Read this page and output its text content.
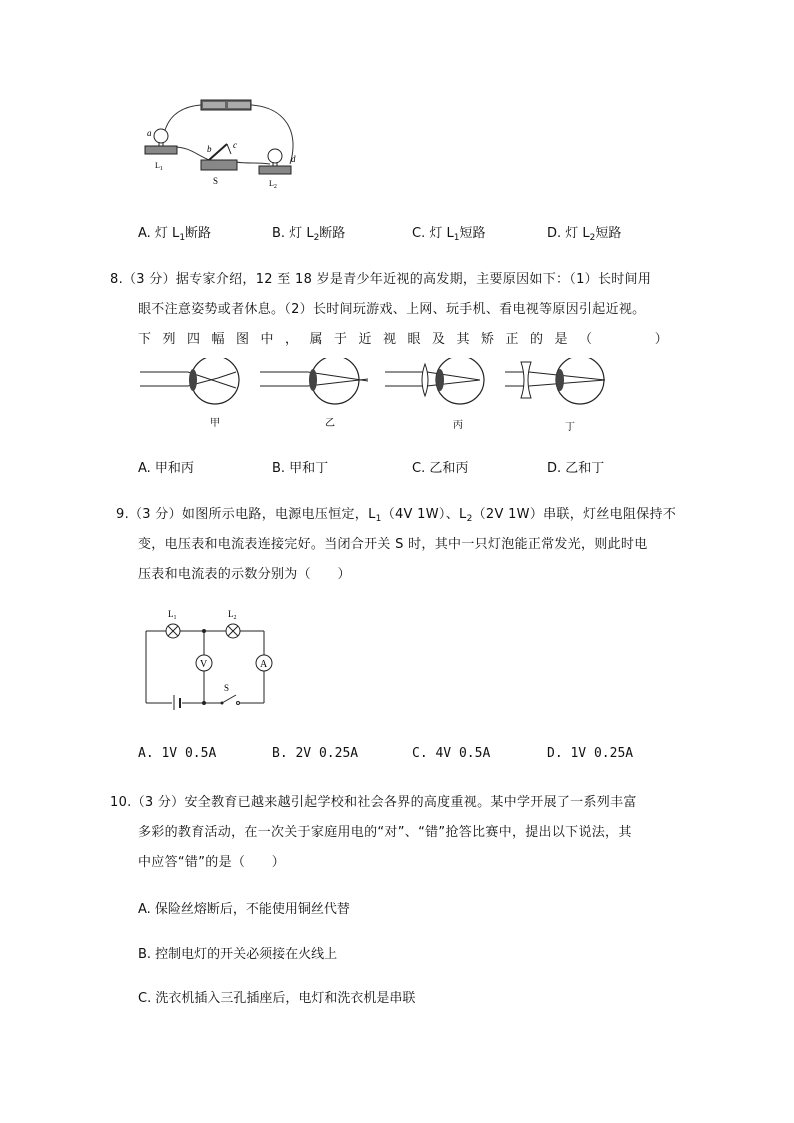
a
b c
d
$L_1$
S	$L_2$
A. 灯 $L_1$断路	B. 灯 $L_2$断路	C. 灯 $L_1$短路	D. 灯 $L_2$短路
8.（3 分）据专家介绍，12 至 18 岁是青少年近视的高发期，主要原因如下：（1）长时间用
眼不注意姿势或者休息。（2）长时间玩游戏、上网、玩手机、看电视等原因引起近视。
下 列 四 幅 图 中 ， 属 于 近 视 眼 及 其 矫 正 的 是 （	）
甲	乙	丙	丁
A. 甲和丙	B. 甲和丁	C. 乙和丙	D. 乙和丁
9.（3 分）如图所示电路，电源电压恒定，$L_1(4V$ 1W）、$L_2(2V$ 1W）串联，灯丝电阻保持不
变，电压表和电流表连接完好。当闭合开关 S 时，其中一只灯泡能正常发光，则此时电
压表和电流表的示数分别为（　　）
V	A
$L_1$	$L_2$
S
A. 1V 0.5A	B. 2V 0.25A	C. 4V 0.5A	D. 1V 0.25A
10.（3 分）安全教育已越来越引起学校和社会各界的高度重视。某中学开展了一系列丰富
多彩的教育活动，在一次关于家庭用电的“对”、“错”抢答比赛中，提出以下说法，其
中应答“错”的是（　　）
A. 保险丝熔断后，不能使用铜丝代替
B. 控制电灯的开关必须接在火线上
C. 洗衣机插入三孔插座后，电灯和洗衣机是串联
